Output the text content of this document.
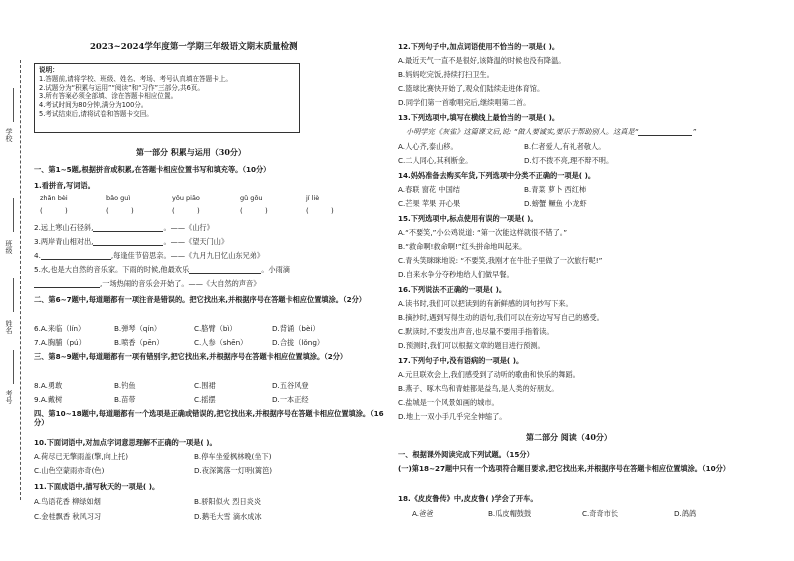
学校
班级
姓名
考号
2023~2024学年度第一学期三年级语文期末质量检测
说明：
1.答题前,请将学校、班级、姓名、考场、考号认真填在答题卡上。
2.试题分为“积累与运用”“阅读”和“习作”三部分,共6页。
3.所有答案必须全部填、涂在答题卡相应位置。
4.考试时间为80分钟,满分为100分。
5.考试结束后,请将试卷和答题卡交回。
第一部分 积累与运用（30分）
一、第1~5题,根据拼音或积累,在答题卡相应位置书写和填充等。（10分）
1.看拼音,写词语。
zhǎn bèi	bǎo guì	yōu piāo	gǔ gōu	jí liè
(          )	(          )	(          )	(          )	(          )
2.远上寒山石径斜,	。——《山行》
3.两岸青山相对出,	。——《望天门山》
4.	,每逢佳节倍思亲。——《九月九日忆山东兄弟》
5.水,也是大自然的音乐家。下雨的时候,他最欢乐	。小雨滴
,一场热闹的音乐会开始了。——《大自然的声音》
二、第6~7题中,每道题都有一项注音是错误的。把它找出来,并根据序号在答题卡相应位置填涂。（2分）
6.A.来临（lín）	B.弹琴（qín）	C.胳臂（bì）	D.背诵（bèi）
7.A.胸脯（pú）	B.喷香（pēn）	C.人参（shēn）	D.合拢（lǒng）
三、第8~9题中,每道题都有一项有错别字,把它找出来,并根据序号在答题卡相应位置填涂。（2分）
8.A.勇敢	B.钓鱼	C.围裙	D.五谷风登
9.A.戴树	B.苗带	C.摇摆	D.一本正经
四、第10~18题中,每道题都有一个选项是正确或错误的,把它找出来,并根据序号在答题卡相应位置填涂。（16分）
10.下面词语中,对加点字词意思理解不正确的一项是( )。
A.荷尽已无擎雨盖(擎,向上托)	B.停车坐爱枫林晚(坐下)
C.山色空蒙雨亦奇(色)	D.夜深篱落一灯明(篱笆)
11.下面成语中,描写秋天的一项是( )。
A.鸟语花香 柳绿如烟	B.骄阳似火 烈日炎炎
C.金桂飘香 秋风习习	D.鹅毛大雪 滴水成冰
12.下列句子中,加点词语使用不恰当的一项是( )。
A.最近天气一直不是很好,该降温的时候也没有降温。
B.妈妈吃完饭,持续打扫卫生。
C.篮球比赛快开始了,观众们陆续走进体育馆。
D.同学们第一首歌唱完后,继续唱第二首。
13.下列选项中,填写在横线上最恰当的一项是( )。
小明学完《灰雀》这篇课文后,说: “做人要诚实,要乐于帮助别人。这真是“	”
A.人心齐,泰山移。	B.仁者爱人,有礼者敬人。
C.二人同心,其利断金。	D.灯不拨不亮,理不辩不明。
14.妈妈准备去购买年货,下列选项中分类不正确的一项是( )。
A.春联 窗花 中国结	B.青菜 萝卜 西红柿
C.芒果 苹果 开心果	D.螃蟹 鳜鱼 小龙虾
15.下列选项中,标点使用有误的一项是( )。
A.“不要笑,”小公鸡说道: “第一次能这样就很不错了。”
B.“救命啊!救命啊!”红头拼命地叫起来。
C.青头笑眯眯地说: “不要笑,我刚才在牛肚子里做了一次旅行呢!”
D.自来水争分夺秒地给人们做早餐。
16.下列说法不正确的一项是( )。
A.读书时,我们可以把读到的有新鲜感的词句抄写下来。
B.摘抄时,遇到写得生动的语句,我们可以在旁边写写自己的感受。
C.默读时,不要发出声音,也尽量不要用手指着读。
D.预测时,我们可以根据文章的题目进行预测。
17.下列句子中,没有语病的一项是( )。
A.元旦联欢会上,我们感受到了动听的歌曲和快乐的舞蹈。
B.燕子、啄木鸟和青蛙都是益鸟,是人类的好朋友。
C.盐城是一个风景如画的城市。
D.地上一双小手几乎完全伸缩了。
第二部分 阅读（40分）
一、根据课外阅读完成下列试题。（15分）
(一)第18~27题中只有一个选项符合题目要求,把它找出来,并根据序号在答题卡相应位置填涂。（10分）
18.《皮皮鲁传》中,皮皮鲁( )学会了开车。
A.爸爸	B.瓜皮帽鼓鼓	C.奇奇市长	D.鸽鸽
